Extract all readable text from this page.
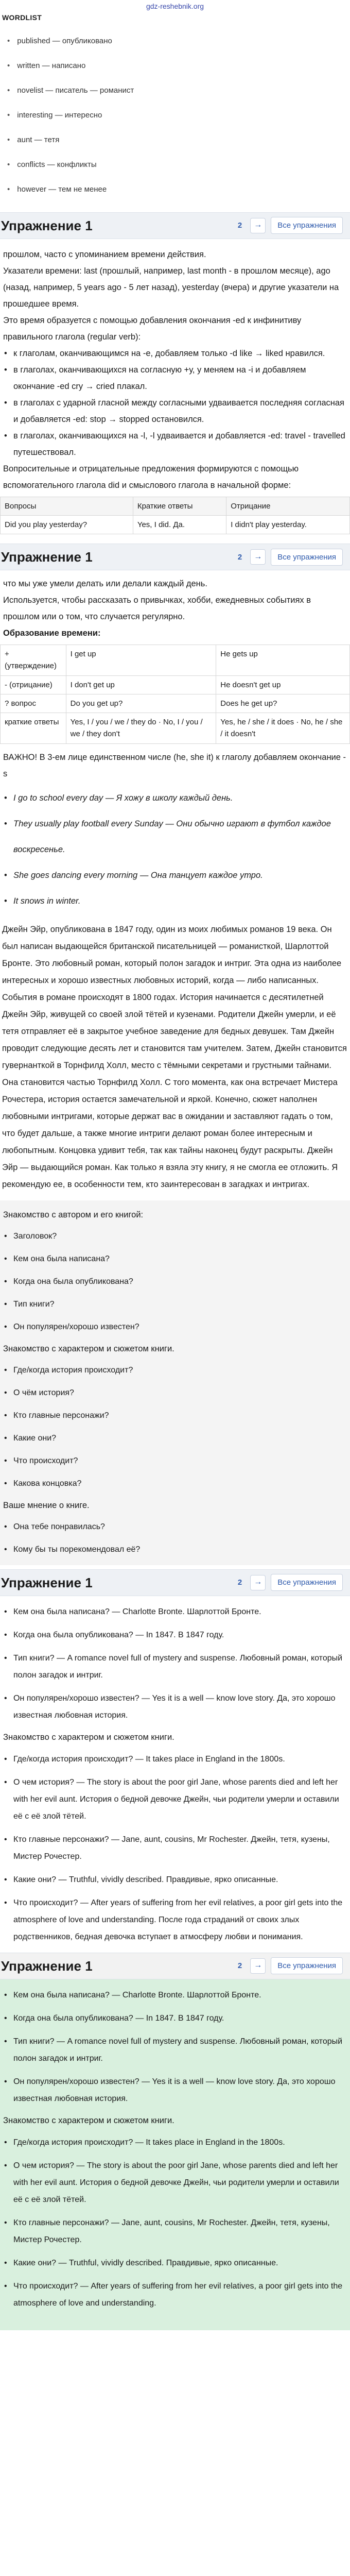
gdz-reshebnik.org
WORDLIST
• published — опубликовано
• written — написано
• novelist — писатель — романист
• interesting — интересно
• aunt — тетя
• conflicts — конфликты
• however — тем не менее
Упражнение 1	2	→	Все упражнения

прошлом, часто с упоминанием времени действия.

Указатели времени: last (прошлый, например, last month - в прошлом месяце), ago (назад, например, 5 years ago - 5 лет назад), yesterday (вчера) и другие указатели на прошедшее время.

Это время образуется с помощью добавления окончания -ed к инфинитиву правильного глагола (regular verb):

• к глаголам, оканчивающимся на -е, добавляем только -d like → liked нравился.
• в глаголах, оканчивающихся на согласную +у, у меняем на -i и добавляем окончание -ed cry → cried плакал.
• в глаголах с ударной гласной между согласными удваивается последняя согласная и добавляется -ed: stop → stopped остановился.
• в глаголах, оканчивающихся на -l, -l удваивается и добавляется -ed: travel - travelled путешествовал.

Вопросительные и отрицательные предложения формируются с помощью вспомогательного глагола did и смыслового глагола в начальной форме:

Вопросы	Краткие ответы	Отрицание
Did you play yesterday?	Yes, I did. Да.	I didn't play yesterday.
Упражнение 1	2	→	Все упражнения

что мы уже умели делать или делали каждый день.

Используется, чтобы рассказать о привычках, хобби, ежедневных событиях в прошлом или о том, что случается регулярно.

Образование времени:

+ (утверждение)	I get up	He gets up
- (отрицание)	I don't get up	He doesn't get up
? вопрос	Do you get up?	Does he get up?
краткие ответы	Yes, I / you / we / they do · No, I / you / we / they don't	Yes, he / she / it does · No, he / she / it doesn't

ВАЖНО! В 3-ем лице единственном числе (he, she it) к глаголу добавляем окончание -s

• I go to school every day — Я хожу в школу каждый день.
• They usually play football every Sunday — Они обычно играют в футбол каждое воскресенье.
• She goes dancing every morning — Она танцует каждое утро.
• It snows in winter.

Джейн Эйр, опубликована в 1847 году, один из моих любимых романов 19 века. Он был написан выдающейся британской писательницей — романисткой, Шарлоттой Бронте. Это любовный роман, который полон загадок и интриг. Эта одна из наиболее интересных и хорошо известных любовных историй, когда — либо написанных. События в романе происходят в 1800 годах. История начинается с десятилетней Джейн Эйр, живущей со своей злой тётей и кузенами. Родители Джейн умерли, и её тетя отправляет её в закрытое учебное заведение для бедных девушек. Там Джейн проводит следующие десять лет и становится там учителем. Затем, Джейн становится гувернанткой в Торнфилд Холл, место с тёмными секретами и грустными тайнами. Она становится частью Торнфилд Холл. С того момента, как она встречает Мистера Рочестера, история остается замечательной и яркой. Конечно, сюжет наполнен любовными интригами, которые держат вас в ожидании и заставляют гадать о том, что будет дальше, а также многие интриги делают роман более интересным и любопытным. Концовка удивит тебя, так как тайны наконец будут раскрыты. Джейн Эйр — выдающийся роман. Как только я взяла эту книгу, я не смогла ее отложить. Я рекомендую ее, в особенности тем, кто заинтересован в загадках и интригах.

Знакомство с автором и его книгой:

• Заголовок?
• Кем она была написана?
• Когда она была опубликована?
• Тип книги?
• Он популярен/хорошо известен?

Знакомство с характером и сюжетом книги.

• Где/когда история происходит?
• О чём история?
• Кто главные персонажи?
• Какие они?
• Что происходит?
• Какова концовка?

Ваше мнение о книге.

• Она тебе понравилась?
• Кому бы ты порекомендовал её?
Упражнение 1	2	→	Все упражнения
• Кем она была написана? — Charlotte Bronte. Шарлоттой Бронте.
• Когда она была опубликована? — In 1847. В 1847 году.
• Тип книги? — A romance novel full of mystery and suspense. Любовный роман, который полон загадок и интриг.
• Он популярен/хорошо известен? — Yes it is a well — know love story. Да, это хорошо известная любовная история.

Знакомство с характером и сюжетом книги.

• Где/когда история происходит? — It takes place in England in the 1800s.
• О чем история? — The story is about the poor girl Jane, whose parents died and left her with her evil aunt. История о бедной девочке Джейн, чьи родители умерли и оставили её с её злой тётей.
• Кто главные персонажи? — Jane, aunt, cousins, Mr Rochester. Джейн, тетя, кузены, Мистер Рочестер.
• Какие они? — Truthful, vividly described. Правдивые, ярко описанные.
• Что происходит? — After years of suffering from her evil relatives, a poor girl gets into the atmosphere of love and understanding. После года страданий от своих злых родственников, бедная девочка вступает в атмосферу любви и понимания.
Упражнение 1	2	→	Все упражнения
• Кем она была написана? — Charlotte Bronte. Шарлоттой Бронте.
• Когда она была опубликована? — In 1847. В 1847 году.
• Тип книги? — A romance novel full of mystery and suspense. Любовный роман, который полон загадок и интриг.
• Он популярен/хорошо известен? — Yes it is a well — know love story. Да, это хорошо известная любовная история.

Знакомство с характером и сюжетом книги.

• Где/когда история происходит? — It takes place in England in the 1800s.
• О чем история? — The story is about the poor girl Jane, whose parents died and left her with her evil aunt. История о бедной девочке Джейн, чьи родители умерли и оставили её с её злой тётей.
• Кто главные персонажи? — Jane, aunt, cousins, Mr Rochester. Джейн, тетя, кузены, Мистер Рочестер.
• Какие они? — Truthful, vividly described. Правдивые, ярко описанные.
• Что происходит? — After years of suffering from her evil relatives, a poor girl gets into the atmosphere of love and understanding.
